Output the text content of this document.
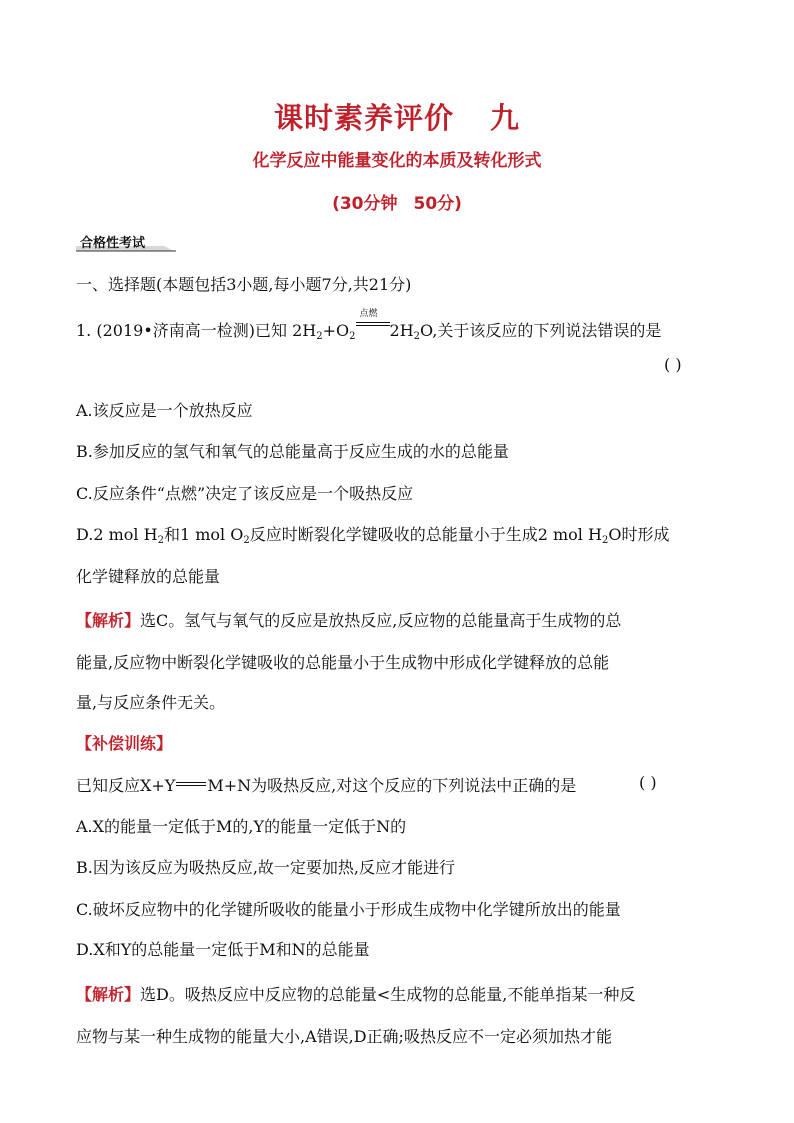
课时素养评价 九
化学反应中能量变化的本质及转化形式
(30分钟 50分)
合格性考试
一、选择题(本题包括3小题,每小题7分,共21分)
1. (2019•济南高一检测)已知 $2H_2+O_2$
点燃
$2H_2O$,关于该反应的下列说法错误的是
( )
A.该反应是一个放热反应
B.参加反应的氢气和氧气的总能量高于反应生成的水的总能量
C.反应条件“点燃”决定了该反应是一个吸热反应
D.2 mol $H_2$和1 mol $O_2$反应时断裂化学键吸收的总能量小于生成2 mol $H_2O$时形成
化学键释放的总能量
【解析】选C。氢气与氧气的反应是放热反应,反应物的总能量高于生成物的总
能量,反应物中断裂化学键吸收的总能量小于生成物中形成化学键释放的总能
量,与反应条件无关。
【补偿训练】
已知反应X+Y M+N为吸热反应,对这个反应的下列说法中正确的是	( )
A.X的能量一定低于M的,Y的能量一定低于N的
B.因为该反应为吸热反应,故一定要加热,反应才能进行
C.破坏反应物中的化学键所吸收的能量小于形成生成物中化学键所放出的能量
D.X和Y的总能量一定低于M和N的总能量
【解析】选D。吸热反应中反应物的总能量<生成物的总能量,不能单指某一种反
应物与某一种生成物的能量大小,A错误,D正确;吸热反应不一定必须加热才能
